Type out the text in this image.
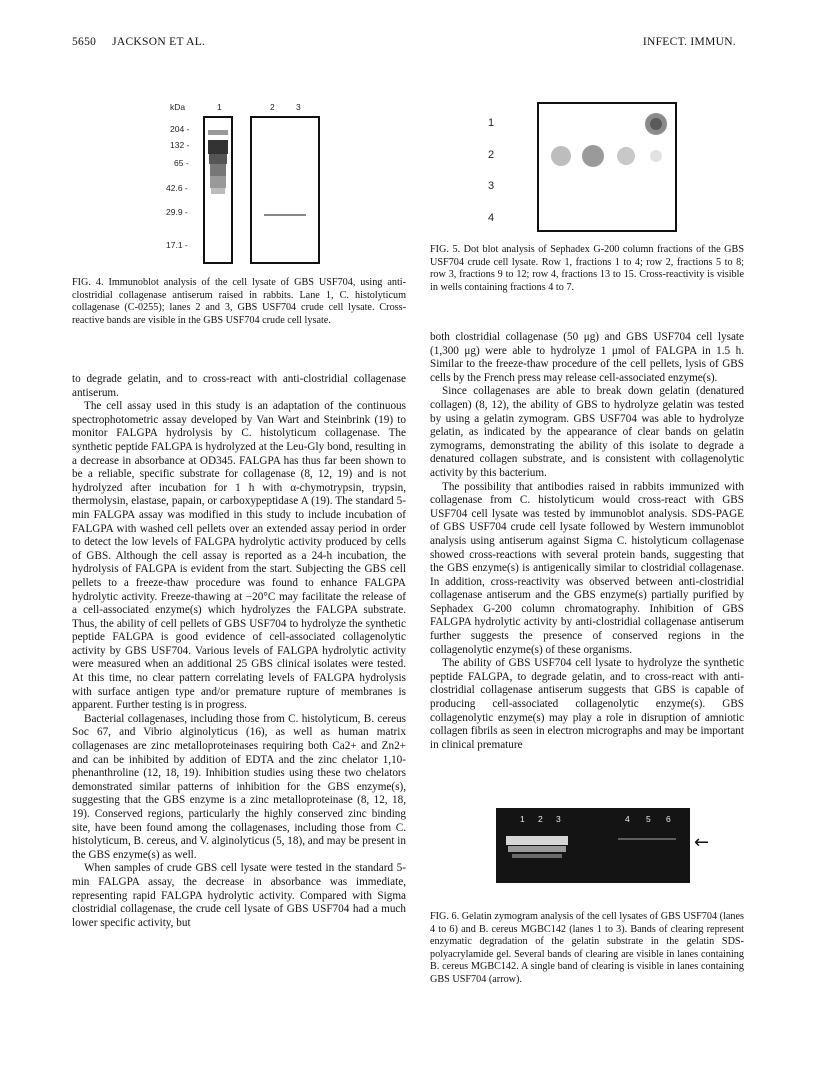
5650 JACKSON ET AL.	INFECT. IMMUN.
kDa	1	2	3
204 -
132 -
65 -
42.6 -
29.9 -
17.1 -
FIG. 4. Immunoblot analysis of the cell lysate of GBS USF704, using anti-clostridial collagenase antiserum raised in rabbits. Lane 1, C. histolyticum collagenase (C-0255); lanes 2 and 3, GBS USF704 crude cell lysate. Cross-reactive bands are visible in the GBS USF704 crude cell lysate.
1
2
3
4
FIG. 5. Dot blot analysis of Sephadex G-200 column fractions of the GBS USF704 crude cell lysate. Row 1, fractions 1 to 4; row 2, fractions 5 to 8; row 3, fractions 9 to 12; row 4, fractions 13 to 15. Cross-reactivity is visible in wells containing fractions 4 to 7.

to degrade gelatin, and to cross-react with anti-clostridial collagenase antiserum.

The cell assay used in this study is an adaptation of the continuous spectrophotometric assay developed by Van Wart and Steinbrink (19) to monitor FALGPA hydrolysis by C. histolyticum collagenase. The synthetic peptide FALGPA is hydrolyzed at the Leu-Gly bond, resulting in a decrease in absorbance at OD345. FALGPA has thus far been shown to be a reliable, specific substrate for collagenase (8, 12, 19) and is not hydrolyzed after incubation for 1 h with α-chymotrypsin, trypsin, thermolysin, elastase, papain, or carboxypeptidase A (19). The standard 5-min FALGPA assay was modified in this study to include incubation of FALGPA with washed cell pellets over an extended assay period in order to detect the low levels of FALGPA hydrolytic activity produced by cells of GBS. Although the cell assay is reported as a 24-h incubation, the hydrolysis of FALGPA is evident from the start. Subjecting the GBS cell pellets to a freeze-thaw procedure was found to enhance FALGPA hydrolytic activity. Freeze-thawing at −20°C may facilitate the release of a cell-associated enzyme(s) which hydrolyzes the FALGPA substrate. Thus, the ability of cell pellets of GBS USF704 to hydrolyze the synthetic peptide FALGPA is good evidence of cell-associated collagenolytic activity by GBS USF704. Various levels of FALGPA hydrolytic activity were measured when an additional 25 GBS clinical isolates were tested. At this time, no clear pattern correlating levels of FALGPA hydrolysis with surface antigen type and/or premature rupture of membranes is apparent. Further testing is in progress.

Bacterial collagenases, including those from C. histolyticum, B. cereus Soc 67, and Vibrio alginolyticus (16), as well as human matrix collagenases are zinc metalloproteinases requiring both Ca2+ and Zn2+ and can be inhibited by addition of EDTA and the zinc chelator 1,10-phenanthroline (12, 18, 19). Inhibition studies using these two chelators demonstrated similar patterns of inhibition for the GBS enzyme(s), suggesting that the GBS enzyme is a zinc metalloproteinase (8, 12, 18, 19). Conserved regions, particularly the highly conserved zinc binding site, have been found among the collagenases, including those from C. histolyticum, B. cereus, and V. alginolyticus (5, 18), and may be present in the GBS enzyme(s) as well.

When samples of crude GBS cell lysate were tested in the standard 5-min FALGPA assay, the decrease in absorbance was immediate, representing rapid FALGPA hydrolytic activity. Compared with Sigma clostridial collagenase, the crude cell lysate of GBS USF704 had a much lower specific activity, but

both clostridial collagenase (50 μg) and GBS USF704 cell lysate (1,300 μg) were able to hydrolyze 1 μmol of FALGPA in 1.5 h. Similar to the freeze-thaw procedure of the cell pellets, lysis of GBS cells by the French press may release cell-associated enzyme(s).

Since collagenases are able to break down gelatin (denatured collagen) (8, 12), the ability of GBS to hydrolyze gelatin was tested by using a gelatin zymogram. GBS USF704 was able to hydrolyze gelatin, as indicated by the appearance of clear bands on gelatin zymograms, demonstrating the ability of this isolate to degrade a denatured collagen substrate, and is consistent with collagenolytic activity by this bacterium.

The possibility that antibodies raised in rabbits immunized with collagenase from C. histolyticum would cross-react with GBS USF704 cell lysate was tested by immunoblot analysis. SDS-PAGE of GBS USF704 crude cell lysate followed by Western immunoblot analysis using antiserum against Sigma C. histolyticum collagenase showed cross-reactions with several protein bands, suggesting that the GBS enzyme(s) is antigenically similar to clostridial collagenase. In addition, cross-reactivity was observed between anti-clostridial collagenase antiserum and the GBS enzyme(s) partially purified by Sephadex G-200 column chromatography. Inhibition of GBS FALGPA hydrolytic activity by anti-clostridial collagenase antiserum further suggests the presence of conserved regions in the collagenolytic enzyme(s) of these organisms.

The ability of GBS USF704 cell lysate to hydrolyze the synthetic peptide FALGPA, to degrade gelatin, and to cross-react with anti-clostridial collagenase antiserum suggests that GBS is capable of producing cell-associated collagenolytic enzyme(s). GBS collagenolytic enzyme(s) may play a role in disruption of amniotic collagen fibrils as seen in electron micrographs and may be important in clinical premature

1 2 3	4 5 6
←
FIG. 6. Gelatin zymogram analysis of the cell lysates of GBS USF704 (lanes 4 to 6) and B. cereus MGBC142 (lanes 1 to 3). Bands of clearing represent enzymatic degradation of the gelatin substrate in the gelatin SDS-polyacrylamide gel. Several bands of clearing are visible in lanes containing B. cereus MGBC142. A single band of clearing is visible in lanes containing GBS USF704 (arrow).
